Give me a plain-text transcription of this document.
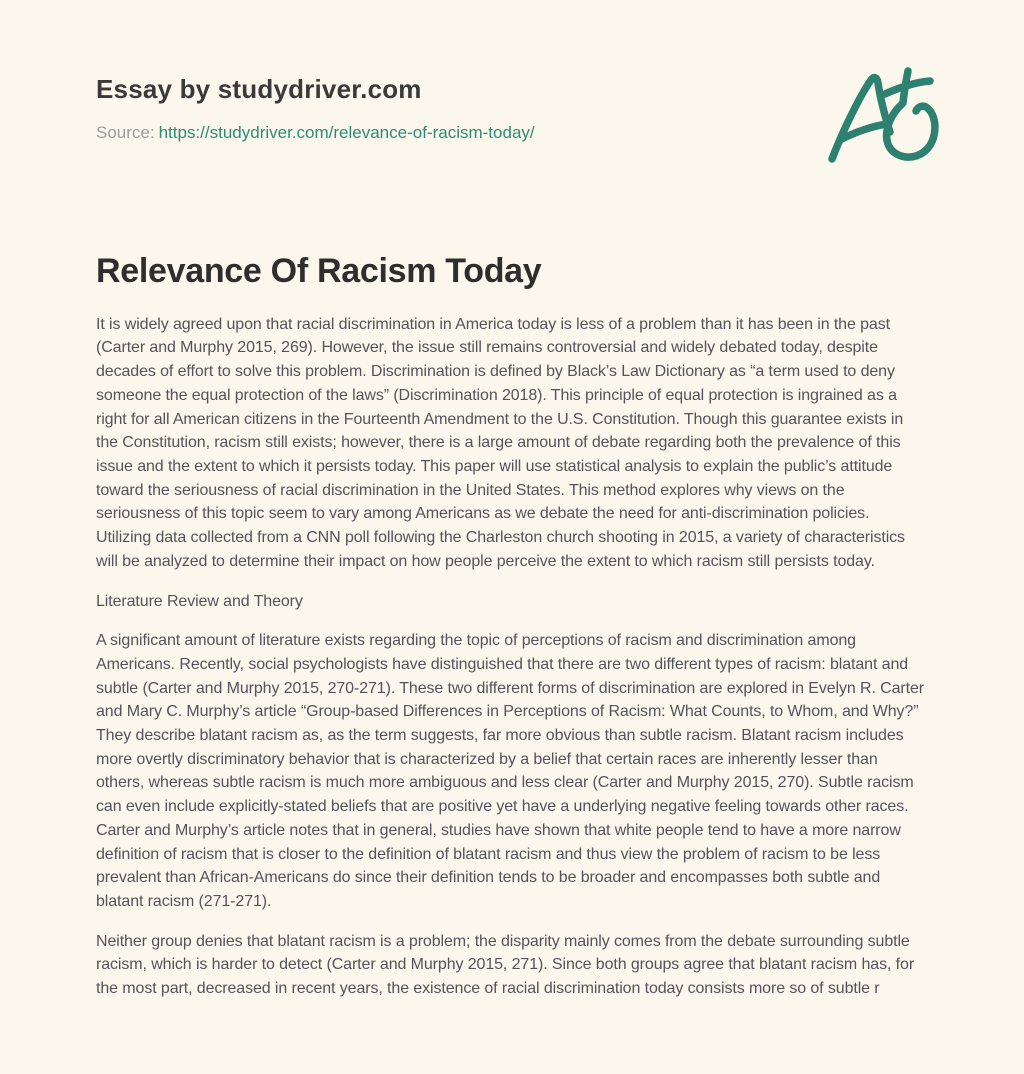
Essay by studydriver.com
Source: https://studydriver.com/relevance-of-racism-today/
Relevance Of Racism Today

It is widely agreed upon that racial discrimination in America today is less of a problem than it has been in the past (Carter and Murphy 2015, 269). However, the issue still remains controversial and widely debated today, despite decades of effort to solve this problem. Discrimination is defined by Black’s Law Dictionary as “a term used to deny someone the equal protection of the laws” (Discrimination 2018). This principle of equal protection is ingrained as a right for all American citizens in the Fourteenth Amendment to the U.S. Constitution. Though this guarantee exists in the Constitution, racism still exists; however, there is a large amount of debate regarding both the prevalence of this issue and the extent to which it persists today. This paper will use statistical analysis to explain the public’s attitude toward the seriousness of racial discrimination in the United States. This method explores why views on the seriousness of this topic seem to vary among Americans as we debate the need for anti-discrimination policies. Utilizing data collected from a CNN poll following the Charleston church shooting in 2015, a variety of characteristics will be analyzed to determine their impact on how people perceive the extent to which racism still persists today.

Literature Review and Theory

A significant amount of literature exists regarding the topic of perceptions of racism and discrimination among Americans. Recently, social psychologists have distinguished that there are two different types of racism: blatant and subtle (Carter and Murphy 2015, 270-271). These two different forms of discrimination are explored in Evelyn R. Carter and Mary C. Murphy’s article “Group-based Differences in Perceptions of Racism: What Counts, to Whom, and Why?” They describe blatant racism as, as the term suggests, far more obvious than subtle racism. Blatant racism includes more overtly discriminatory behavior that is characterized by a belief that certain races are inherently lesser than others, whereas subtle racism is much more ambiguous and less clear (Carter and Murphy 2015, 270). Subtle racism can even include explicitly-stated beliefs that are positive yet have a underlying negative feeling towards other races. Carter and Murphy’s article notes that in general, studies have shown that white people tend to have a more narrow definition of racism that is closer to the definition of blatant racism and thus view the problem of racism to be less prevalent than African-Americans do since their definition tends to be broader and encompasses both subtle and blatant racism (271-271).

Neither group denies that blatant racism is a problem; the disparity mainly comes from the debate surrounding subtle racism, which is harder to detect (Carter and Murphy 2015, 271). Since both groups agree that blatant racism has, for the most part, decreased in recent years, the existence of racial discrimination today consists more so of subtle r
